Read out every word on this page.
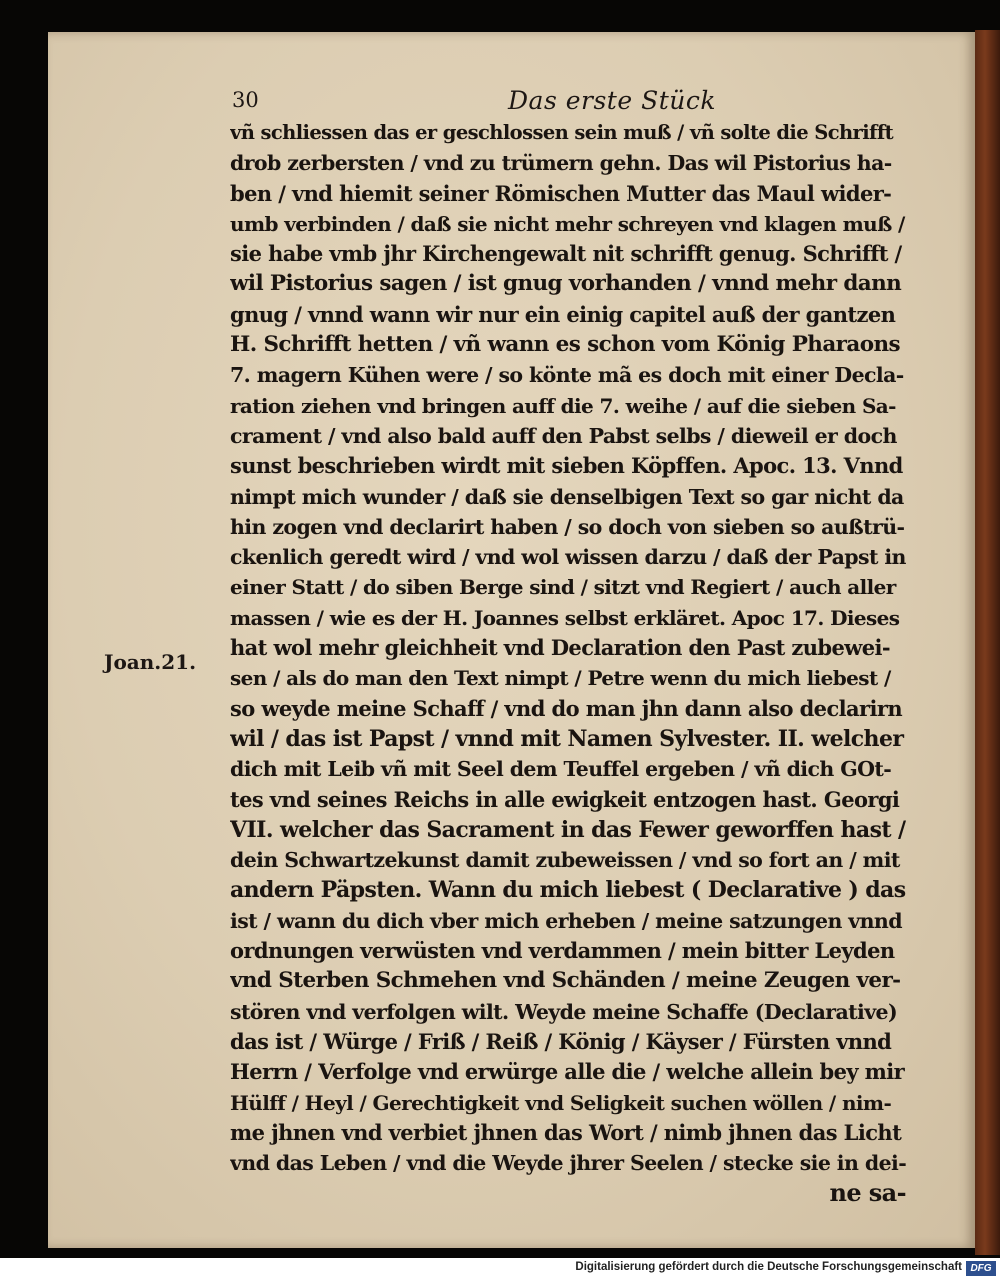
30	Das erste Stück
Joan.21.
vñ schliessen das er geschlossen sein muß / vñ solte die Schrifft
drob zerbersten / vnd zu trümern gehn. Das wil Pistorius ha-
ben / vnd hiemit seiner Römischen Mutter das Maul wider-
umb verbinden / daß sie nicht mehr schreyen vnd klagen muß /
sie habe vmb jhr Kirchengewalt nit schrifft genug. Schrifft /
wil Pistorius sagen / ist gnug vorhanden / vnnd mehr dann
gnug / vnnd wann wir nur ein einig capitel auß der gantzen
H. Schrifft hetten / vñ wann es schon vom König Pharaons
7. magern Kühen were / so könte mã es doch mit einer Decla-
ration ziehen vnd bringen auff die 7. weihe / auf die sieben Sa-
crament / vnd also bald auff den Pabst selbs / dieweil er doch
sunst beschrieben wirdt mit sieben Köpffen. Apoc. 13. Vnnd
nimpt mich wunder / daß sie denselbigen Text so gar nicht da
hin zogen vnd declarirt haben / so doch von sieben so außtrü-
ckenlich geredt wird / vnd wol wissen darzu / daß der Papst in
einer Statt / do siben Berge sind / sitzt vnd Regiert / auch aller
massen / wie es der H. Joannes selbst erkläret. Apoc 17. Dieses
hat wol mehr gleichheit vnd Declaration den Past zubewei-
sen / als do man den Text nimpt / Petre wenn du mich liebest /
so weyde meine Schaff / vnd do man jhn dann also declarirn
wil / das ist Papst / vnnd mit Namen Sylvester. II. welcher
dich mit Leib vñ mit Seel dem Teuffel ergeben / vñ dich GOt-
tes vnd seines Reichs in alle ewigkeit entzogen hast. Georgi
VII. welcher das Sacrament in das Fewer geworffen hast /
dein Schwartzekunst damit zubeweissen / vnd so fort an / mit
andern Päpsten. Wann du mich liebest ( Declarative ) das
ist / wann du dich vber mich erheben / meine satzungen vnnd
ordnungen verwüsten vnd verdammen / mein bitter Leyden
vnd Sterben Schmehen vnd Schänden / meine Zeugen ver-
stören vnd verfolgen wilt. Weyde meine Schaffe (Declarative)
das ist / Würge / Friß / Reiß / König / Käyser / Fürsten vnnd
Herrn / Verfolge vnd erwürge alle die / welche allein bey mir
Hülff / Heyl / Gerechtigkeit vnd Seligkeit suchen wöllen / nim-
me jhnen vnd verbiet jhnen das Wort / nimb jhnen das Licht
vnd das Leben / vnd die Weyde jhrer Seelen / stecke sie in dei-
ne sa-
Digitalisierung gefördert durch die Deutsche Forschungsgemeinschaft DFG
